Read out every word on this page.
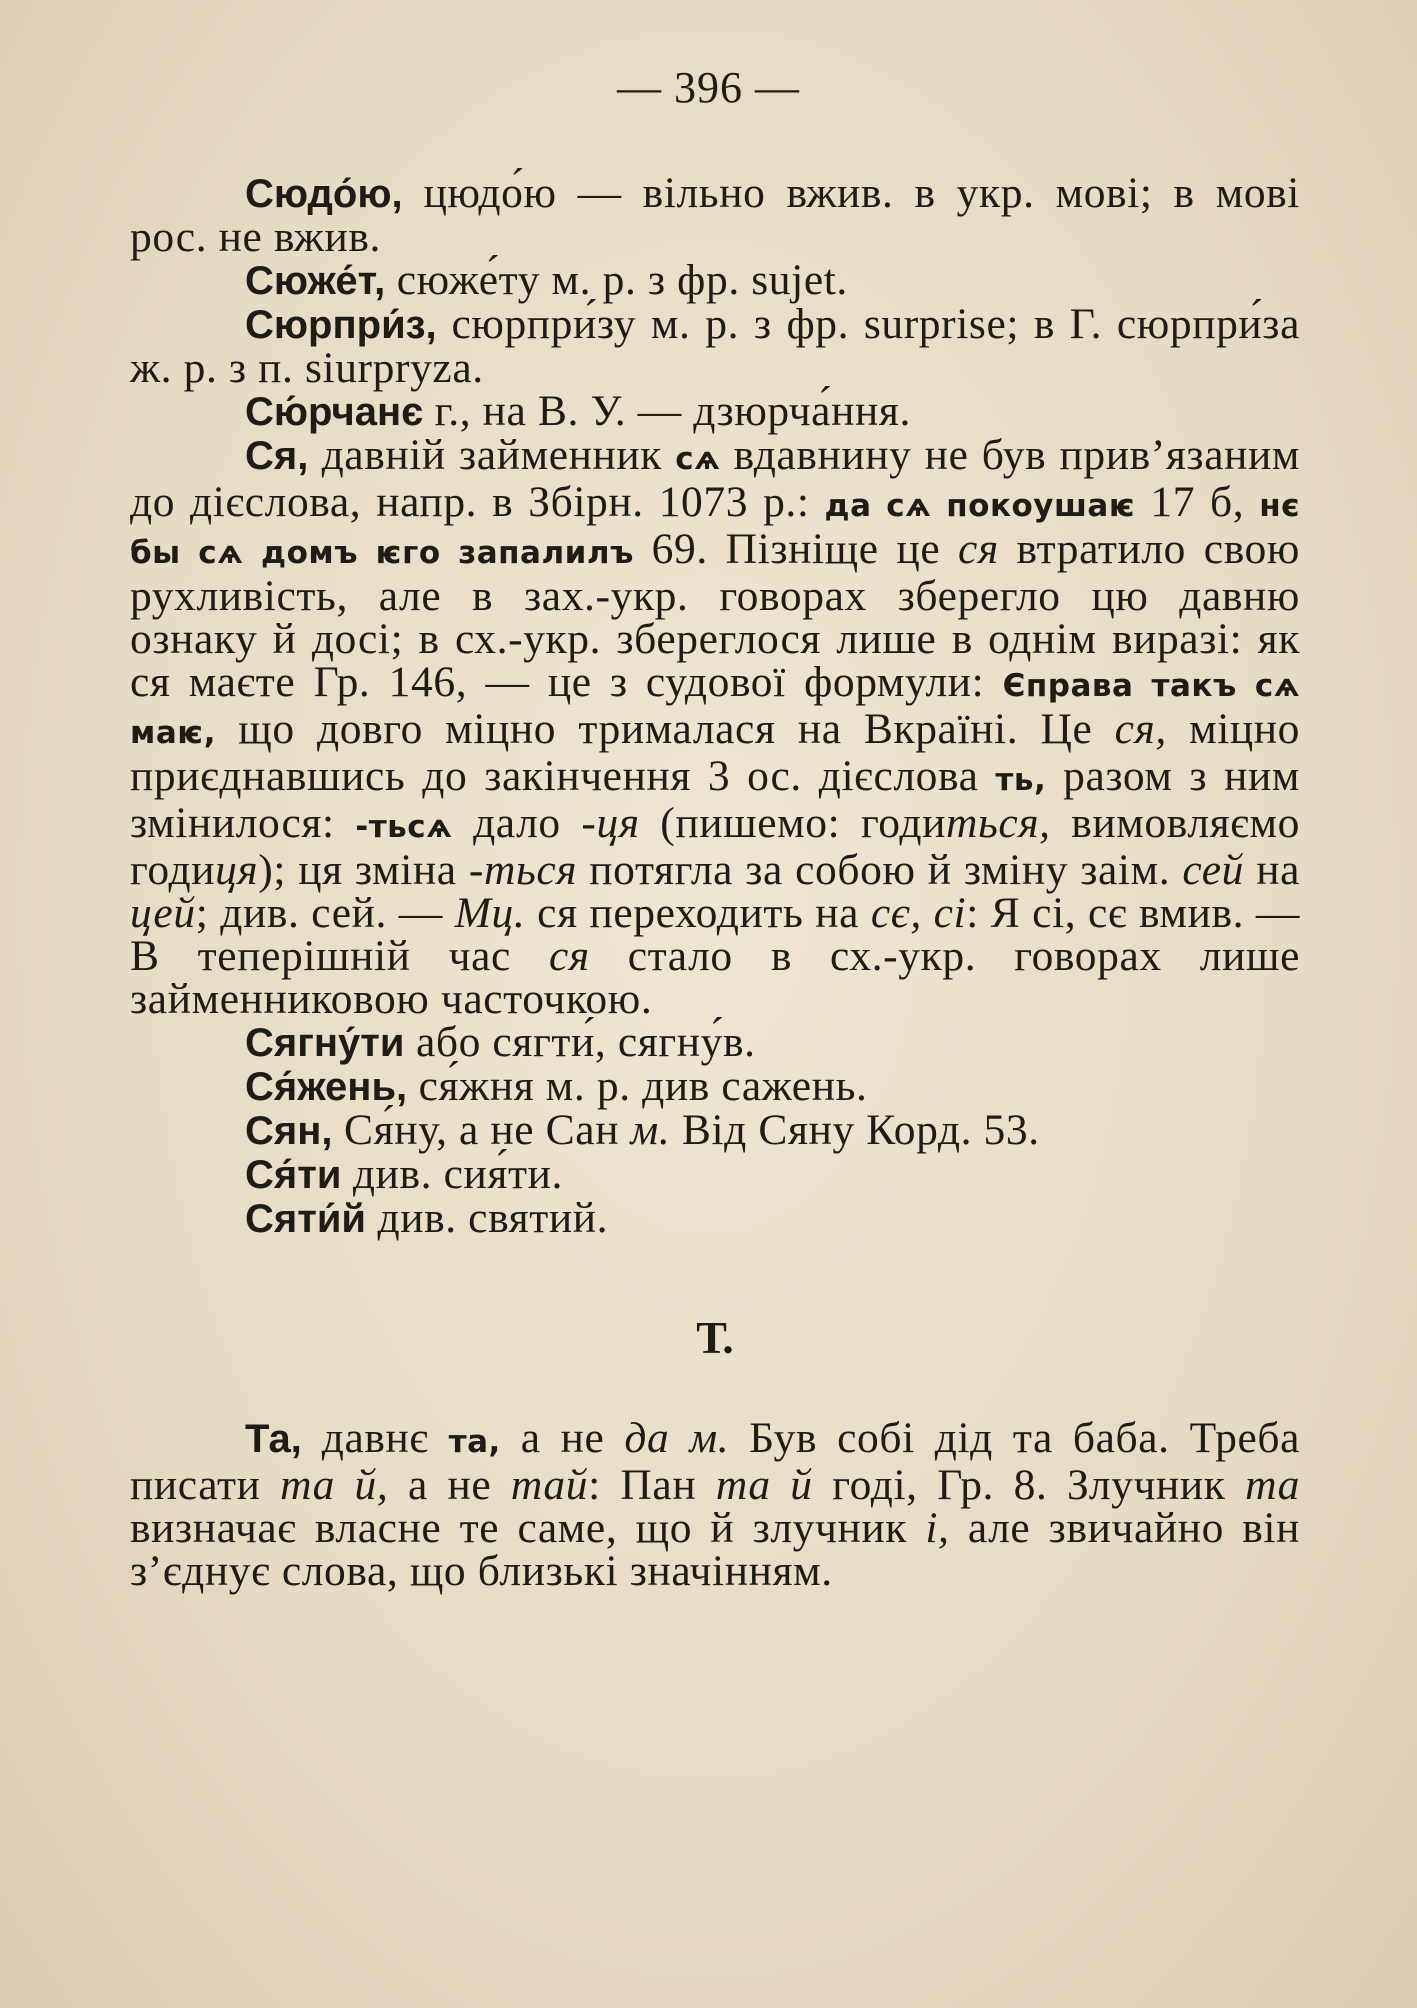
— 396 —

Сюдо́ю, цюдо́ю — вільно вжив. в укр. мові; в мові рос. не вжив.

Сюже́т, сюже́ту м. р. з фр. sujet.

Сюрпри́з, сюрпри́зу м. р. з фр. surprise; в Г. сюрпри́за ж. р. з п. siurpryza.

Сю́рчанє г., на В. У. — дзюрча́ння.

Ся, давній займенник сѧ вдавнину не був прив’язаним до дієслова, напр. в Збірн. 1073 р.: да сѧ покоушаѥ 17 б, нє бы сѧ домъ ѥго запалилъ 69. Пізніще це ся втратило свою рухливість, але в зах.-укр. говорах зберегло цю давню ознаку й досі; в сх.-укр. збереглося лише в однім виразі: як ся маєте Гр. 146, — це з судової формули: Єправа такъ сѧ маѥ, що довго міцно трималася на Вкраїні. Це ся, міцно приєднавшись до закінчення 3 ос. дієслова ть, разом з ним змінилося: -тьсѧ дало -ця (пишемо: годиться, вимовляємо годиця); ця зміна -ться потягла за собою й зміну заім. сей на цей; див. сей. — Мц. ся переходить на сє, сі: Я сі, сє вмив. — В теперішній час ся стало в сх.-укр. говорах лише займенниковою часточкою.

Сягну́ти або сягти́, сягну́в.

Ся́жень, ся́жня м. р. див сажень.

Сян, Ся́ну, а не Сан м. Від Сяну Корд. 53.

Ся́ти див. сия́ти.

Сяти́й див. святий.

Т.

Та, давнє та, а не да м. Був собі дід та баба. Треба писати та й, а не тай: Пан та й годі, Гр. 8. Злучник та визначає власне те саме, що й злучник і, але звичайно він з’єднує слова, що близькі значінням.
